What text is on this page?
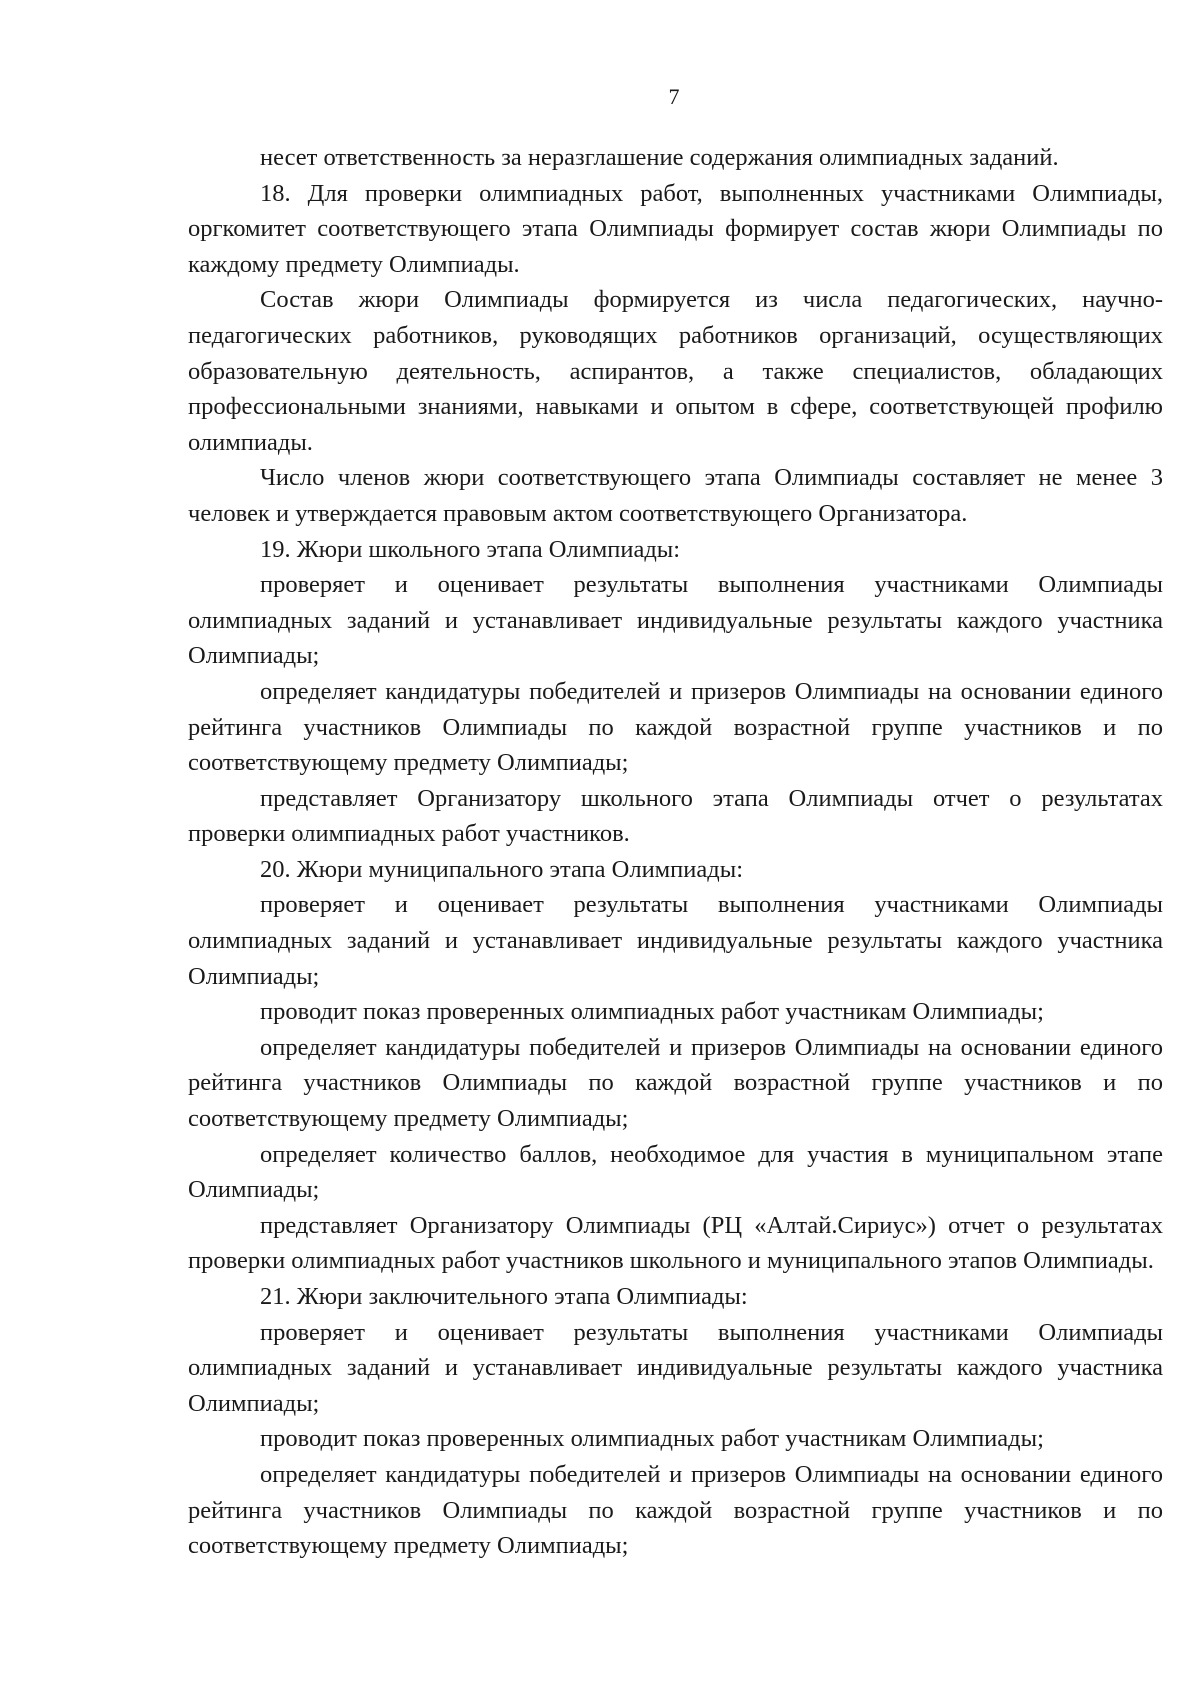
7

несет ответственность за неразглашение содержания олимпиадных заданий.

18. Для проверки олимпиадных работ, выполненных участниками Олимпиады, оргкомитет соответствующего этапа Олимпиады формирует состав жюри Олимпиады по каждому предмету Олимпиады.

Состав жюри Олимпиады формируется из числа педагогических, научно-педагогических работников, руководящих работников организаций, осуществляющих образовательную деятельность, аспирантов, а также специалистов, обладающих профессиональными знаниями, навыками и опытом в сфере, соответствующей профилю олимпиады.

Число членов жюри соответствующего этапа Олимпиады составляет не менее 3 человек и утверждается правовым актом соответствующего Организатора.

19. Жюри школьного этапа Олимпиады:

проверяет и оценивает результаты выполнения участниками Олимпиады олимпиадных заданий и устанавливает индивидуальные результаты каждого участника Олимпиады;

определяет кандидатуры победителей и призеров Олимпиады на основании единого рейтинга участников Олимпиады по каждой возрастной группе участников и по соответствующему предмету Олимпиады;

представляет Организатору школьного этапа Олимпиады отчет о результатах проверки олимпиадных работ участников.

20. Жюри муниципального этапа Олимпиады:

проверяет и оценивает результаты выполнения участниками Олимпиады олимпиадных заданий и устанавливает индивидуальные результаты каждого участника Олимпиады;

проводит показ проверенных олимпиадных работ участникам Олимпиады;

определяет кандидатуры победителей и призеров Олимпиады на основании единого рейтинга участников Олимпиады по каждой возрастной группе участников и по соответствующему предмету Олимпиады;

определяет количество баллов, необходимое для участия в муниципальном этапе Олимпиады;

представляет Организатору Олимпиады (РЦ «Алтай.Сириус») отчет о результатах проверки олимпиадных работ участников школьного и муниципального этапов Олимпиады.

21. Жюри заключительного этапа Олимпиады:

проверяет и оценивает результаты выполнения участниками Олимпиады олимпиадных заданий и устанавливает индивидуальные результаты каждого участника Олимпиады;

проводит показ проверенных олимпиадных работ участникам Олимпиады;

определяет кандидатуры победителей и призеров Олимпиады на основании единого рейтинга участников Олимпиады по каждой возрастной группе участников и по соответствующему предмету Олимпиады;
